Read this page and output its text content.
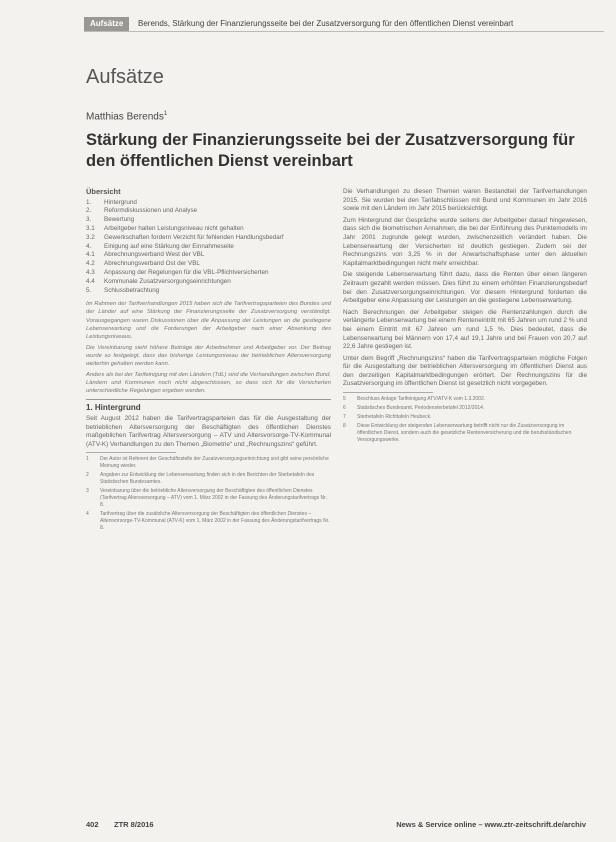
Aufsätze	Berends, Stärkung der Finanzierungsseite bei der Zusatzversorgung für den öffentlichen Dienst vereinbart
Aufsätze
Matthias Berends$^1$
Stärkung der Finanzierungsseite bei der Zusatzversorgung für den öffentlichen Dienst vereinbart
Übersicht
1.	Hintergrund
2.	Reformdiskussionen und Analyse
3.	Bewertung
3.1	Arbeitgeber halten Leistungsniveau nicht gehalten
3.2	Gewerkschaften fordern Verzicht für fehlenden Handlungsbedarf
4.	Einigung auf eine Stärkung der Einnahmeseite
4.1	Abrechnungsverband West der VBL
4.2	Abrechnungsverband Ost der VBL
4.3	Anpassung der Regelungen für die VBL-Pflichtversicherten
4.4	Kommunale Zusatzversorgungseinrichtungen
5.	Schlussbetrachtung

Im Rahmen der Tarifverhandlungen 2015 haben sich die Tarifvertragsparteien des Bundes und der Länder auf eine Stärkung der Finanzierungsseite der Zusatzversorgung verständigt. Vorausgegangen waren Diskussionen über die Anpassung der Leistungen an die gestiegene Lebenserwartung und die Forderungen der Arbeitgeber nach einer Absenkung des Leistungsniveaus.

Die Vereinbarung sieht höhere Beiträge der Arbeitnehmer und Arbeitgeber vor. Der Beitrag wurde so festgelegt, dass das bisherige Leistungsniveau der betrieblichen Altersversorgung weiterhin gehalten werden kann.

Anders als bei der Tarifeinigung mit den Ländern (TdL) sind die Verhandlungen zwischen Bund, Ländern und Kommunen noch nicht abgeschlossen, so dass sich für die Versicherten unterschiedliche Regelungen ergeben werden.

1. Hintergrund

Seit August 2012 haben die Tarifvertragsparteien das für die Ausgestaltung der betrieblichen Altersversorgung der Beschäftigten des öffentlichen Dienstes maßgeblichen Tarifvertrag Altersversorgung – ATV und Altersvorsorge-TV-Kommunal (ATV-K) Verhandlungen zu den Themen „Biometrie“ und „Rechnungszins“ geführt.

1	Der Autor ist Referent der Geschäftsstelle der Zusatzversorgungseinrichtung und gibt seine persönliche Meinung wieder.
2	Angaben zur Entwicklung der Lebenserwartung finden sich in den Berichten der Sterbetafeln des Statistischen Bundesamtes.
3	Vereinbarung über die betriebliche Altersversorgung der Beschäftigten des öffentlichen Dienstes (Tarifvertrag Altersversorgung – ATV) vom 1. März 2002 in der Fassung des Änderungstarifvertrags Nr. 8.
4	Tarifvertrag über die zusätzliche Altersversorgung der Beschäftigten des öffentlichen Dienstes – Altersvorsorge-TV-Kommunal (ATV-K) vom 1. März 2002 in der Fassung des Änderungstarifvertrags Nr. 8.

Die Verhandlungen zu diesen Themen waren Bestandteil der Tarifverhandlungen 2015. Sie wurden bei den Tarifabschlüssen mit Bund und Kommunen im Jahr 2016 sowie mit den Ländern im Jahr 2015 berücksichtigt.

Zum Hintergrund der Gespräche wurde seitens der Arbeitgeber darauf hingewiesen, dass sich die biometrischen Annahmen, die bei der Einführung des Punktemodells im Jahr 2001 zugrunde gelegt wurden, zwischenzeitlich verändert haben. Die Lebenserwartung der Versicherten ist deutlich gestiegen. Zudem sei der Rechnungszins von 3,25 % in der Anwartschaftsphase unter den aktuellen Kapitalmarktbedingungen nicht mehr erreichbar.

Die steigende Lebenserwartung führt dazu, dass die Renten über einen längeren Zeitraum gezahlt werden müssen. Dies führt zu einem erhöhten Finanzierungsbedarf bei den Zusatzversorgungseinrichtungen. Vor diesem Hintergrund forderten die Arbeitgeber eine Anpassung der Leistungen an die gestiegene Lebenserwartung.

Nach Berechnungen der Arbeitgeber steigen die Rentenzahlungen durch die verlängerte Lebenserwartung bei einem Renteneintritt mit 65 Jahren um rund 2 % und bei einem Eintritt mit 67 Jahren um rund 1,5 %. Dies bedeutet, dass die Lebenserwartung bei Männern von 17,4 auf 19,1 Jahre und bei Frauen von 20,7 auf 22,6 Jahre gestiegen ist.

Unter dem Begriff „Rechnungszins“ haben die Tarifvertragsparteien mögliche Folgen für die Ausgestaltung der betrieblichen Altersversorgung im öffentlichen Dienst aus den derzeitigen Kapitalmarktbedingungen erörtert. Der Rechnungszins für die Zusatzversorgung im öffentlichen Dienst ist gesetzlich nicht vorgegeben.

5	Beschluss Anlage Tarifeinigung ATV/ATV-K vom 1.3.2002.
6	Statistisches Bundesamt, Periodensterbetafel 2012/2014.
7	Sterbetafeln Richttafeln Heubeck.
8	Diese Entwicklung der steigenden Lebenserwartung betrifft nicht nur die Zusatzversorgung im öffentlichen Dienst, sondern auch die gesetzliche Rentenversicherung und die berufsständischen Versorgungswerke.
402 ZTR 8/2016	News & Service online – www.ztr-zeitschrift.de/archiv
